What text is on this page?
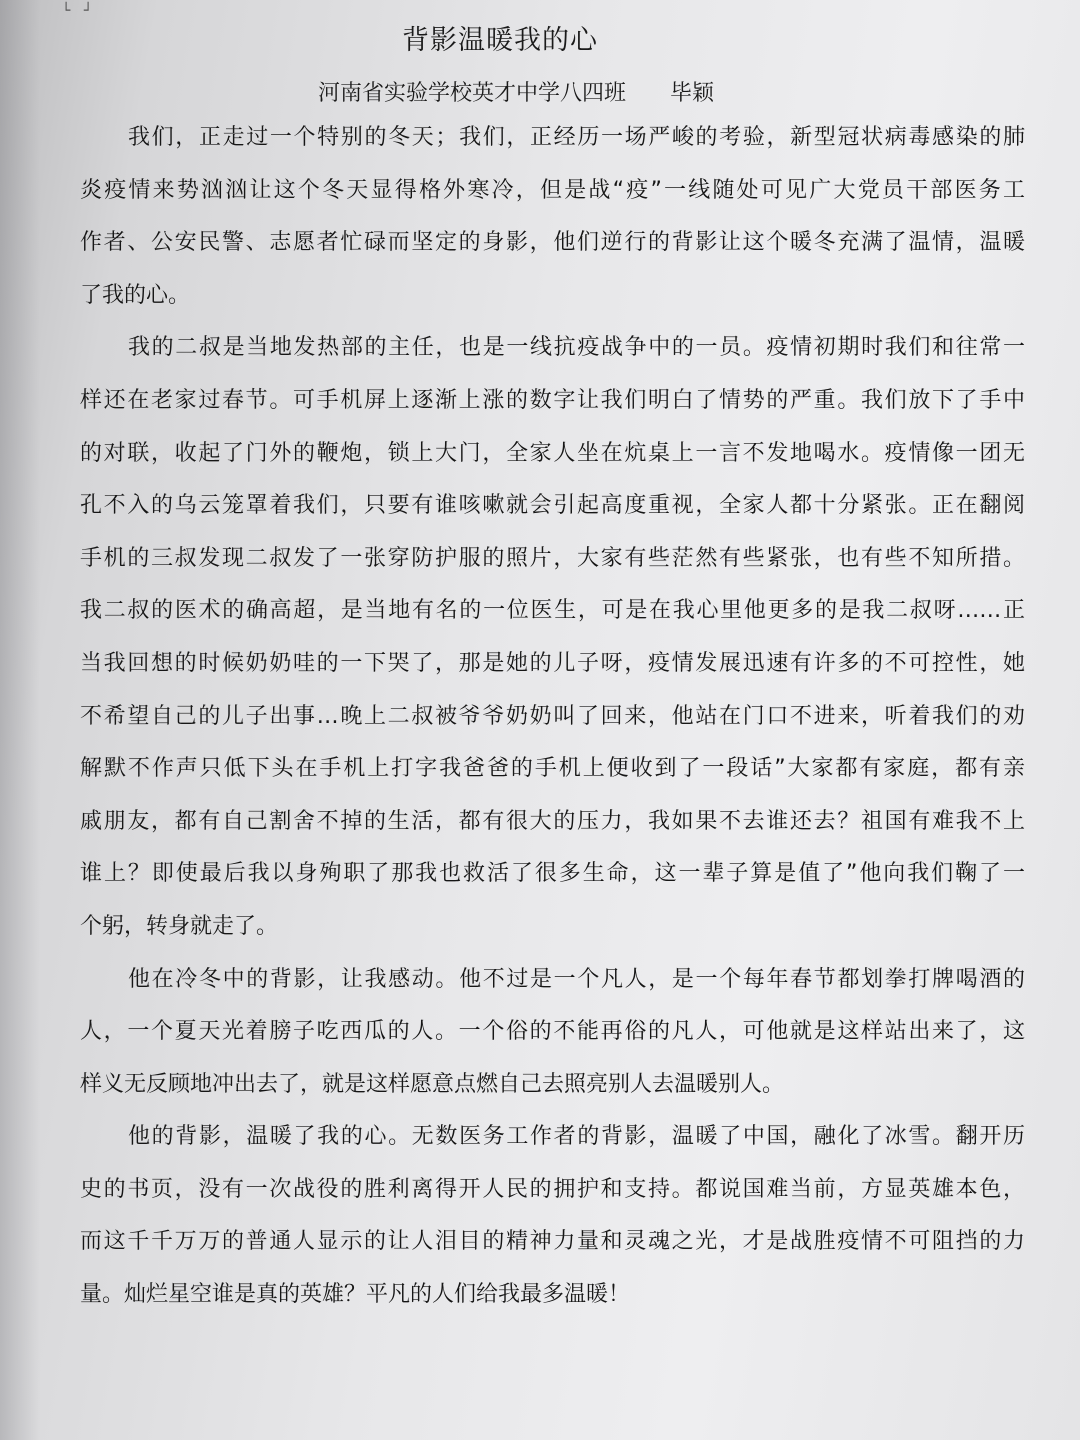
└ ┘
背影温暖我的心
河南省实验学校英才中学八四班 毕颖
我们，正走过一个特别的冬天；我们，正经历一场严峻的考验，新型冠状病毒感染的肺
炎疫情来势汹汹让这个冬天显得格外寒冷，但是战“疫”一线随处可见广大党员干部医务工
作者、公安民警、志愿者忙碌而坚定的身影，他们逆行的背影让这个暖冬充满了温情，温暖
了我的心。
我的二叔是当地发热部的主任，也是一线抗疫战争中的一员。疫情初期时我们和往常一
样还在老家过春节。可手机屏上逐渐上涨的数字让我们明白了情势的严重。我们放下了手中
的对联，收起了门外的鞭炮，锁上大门，全家人坐在炕桌上一言不发地喝水。疫情像一团无
孔不入的乌云笼罩着我们，只要有谁咳嗽就会引起高度重视，全家人都十分紧张。正在翻阅
手机的三叔发现二叔发了一张穿防护服的照片，大家有些茫然有些紧张，也有些不知所措。
我二叔的医术的确高超，是当地有名的一位医生，可是在我心里他更多的是我二叔呀……正
当我回想的时候奶奶哇的一下哭了，那是她的儿子呀，疫情发展迅速有许多的不可控性，她
不希望自己的儿子出事…晚上二叔被爷爷奶奶叫了回来，他站在门口不进来，听着我们的劝
解默不作声只低下头在手机上打字我爸爸的手机上便收到了一段话”大家都有家庭，都有亲
戚朋友，都有自己割舍不掉的生活，都有很大的压力，我如果不去谁还去？祖国有难我不上
谁上？即使最后我以身殉职了那我也救活了很多生命，这一辈子算是值了”他向我们鞠了一
个躬，转身就走了。
他在冷冬中的背影，让我感动。他不过是一个凡人，是一个每年春节都划拳打牌喝酒的
人，一个夏天光着膀子吃西瓜的人。一个俗的不能再俗的凡人，可他就是这样站出来了，这
样义无反顾地冲出去了，就是这样愿意点燃自己去照亮别人去温暖别人。
他的背影，温暖了我的心。无数医务工作者的背影，温暖了中国，融化了冰雪。翻开历
史的书页，没有一次战役的胜利离得开人民的拥护和支持。都说国难当前，方显英雄本色，
而这千千万万的普通人显示的让人泪目的精神力量和灵魂之光，才是战胜疫情不可阻挡的力
量。灿烂星空谁是真的英雄？平凡的人们给我最多温暖！
